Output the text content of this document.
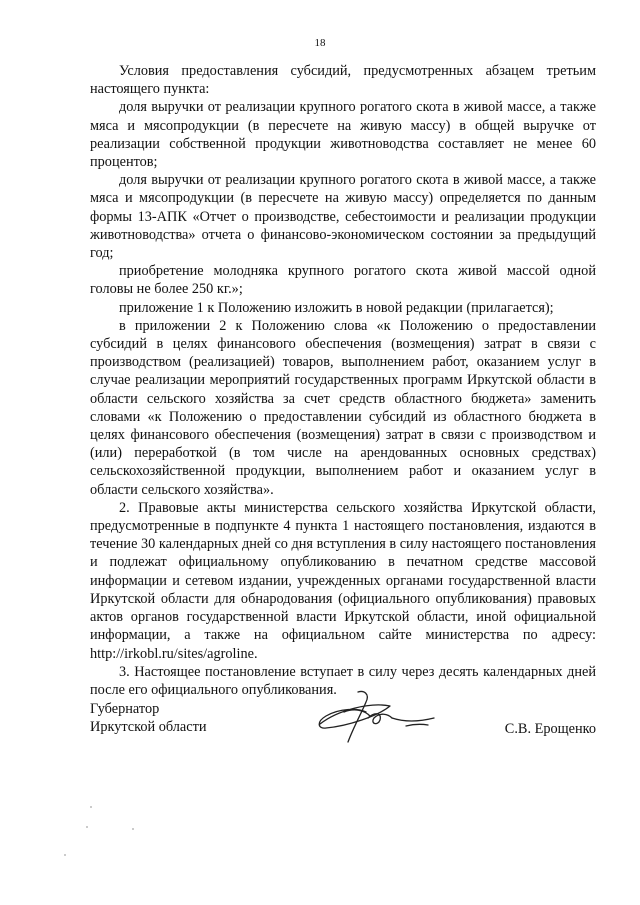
18

Условия предоставления субсидий, предусмотренных абзацем третьим настоящего пункта:

доля выручки от реализации крупного рогатого скота в живой массе, а также мяса и мясопродукции (в пересчете на живую массу) в общей выручке от реализации собственной продукции животноводства составляет не менее 60 процентов;

доля выручки от реализации крупного рогатого скота в живой массе, а также мяса и мясопродукции (в пересчете на живую массу) определяется по данным формы 13-АПК «Отчет о производстве, себестоимости и реализации продукции животноводства» отчета о финансово-экономическом состоянии за предыдущий год;

приобретение молодняка крупного рогатого скота живой массой одной головы не более 250 кг.»;

приложение 1 к Положению изложить в новой редакции (прилагается);

в приложении 2 к Положению слова «к Положению о предоставлении субсидий в целях финансового обеспечения (возмещения) затрат в связи с производством (реализацией) товаров, выполнением работ, оказанием услуг в случае реализации мероприятий государственных программ Иркутской области в области сельского хозяйства за счет средств областного бюджета» заменить словами «к Положению о предоставлении субсидий из областного бюджета в целях финансового обеспечения (возмещения) затрат в связи с производством и (или) переработкой (в том числе на арендованных основных средствах) сельскохозяйственной продукции, выполнением работ и оказанием услуг в области сельского хозяйства».

2. Правовые акты министерства сельского хозяйства Иркутской области, предусмотренные в подпункте 4 пункта 1 настоящего постановления, издаются в течение 30 календарных дней со дня вступления в силу настоящего постановления и подлежат официальному опубликованию в печатном средстве массовой информации и сетевом издании, учрежденных органами государственной власти Иркутской области для обнародования (официального опубликования) правовых актов органов государственной власти Иркутской области, иной официальной информации, а также на официальном сайте министерства по адресу: http://irkobl.ru/sites/agroline.

3. Настоящее постановление вступает в силу через десять календарных дней после его официального опубликования.

Губернатор
Иркутской области	С.В. Ерощенко
